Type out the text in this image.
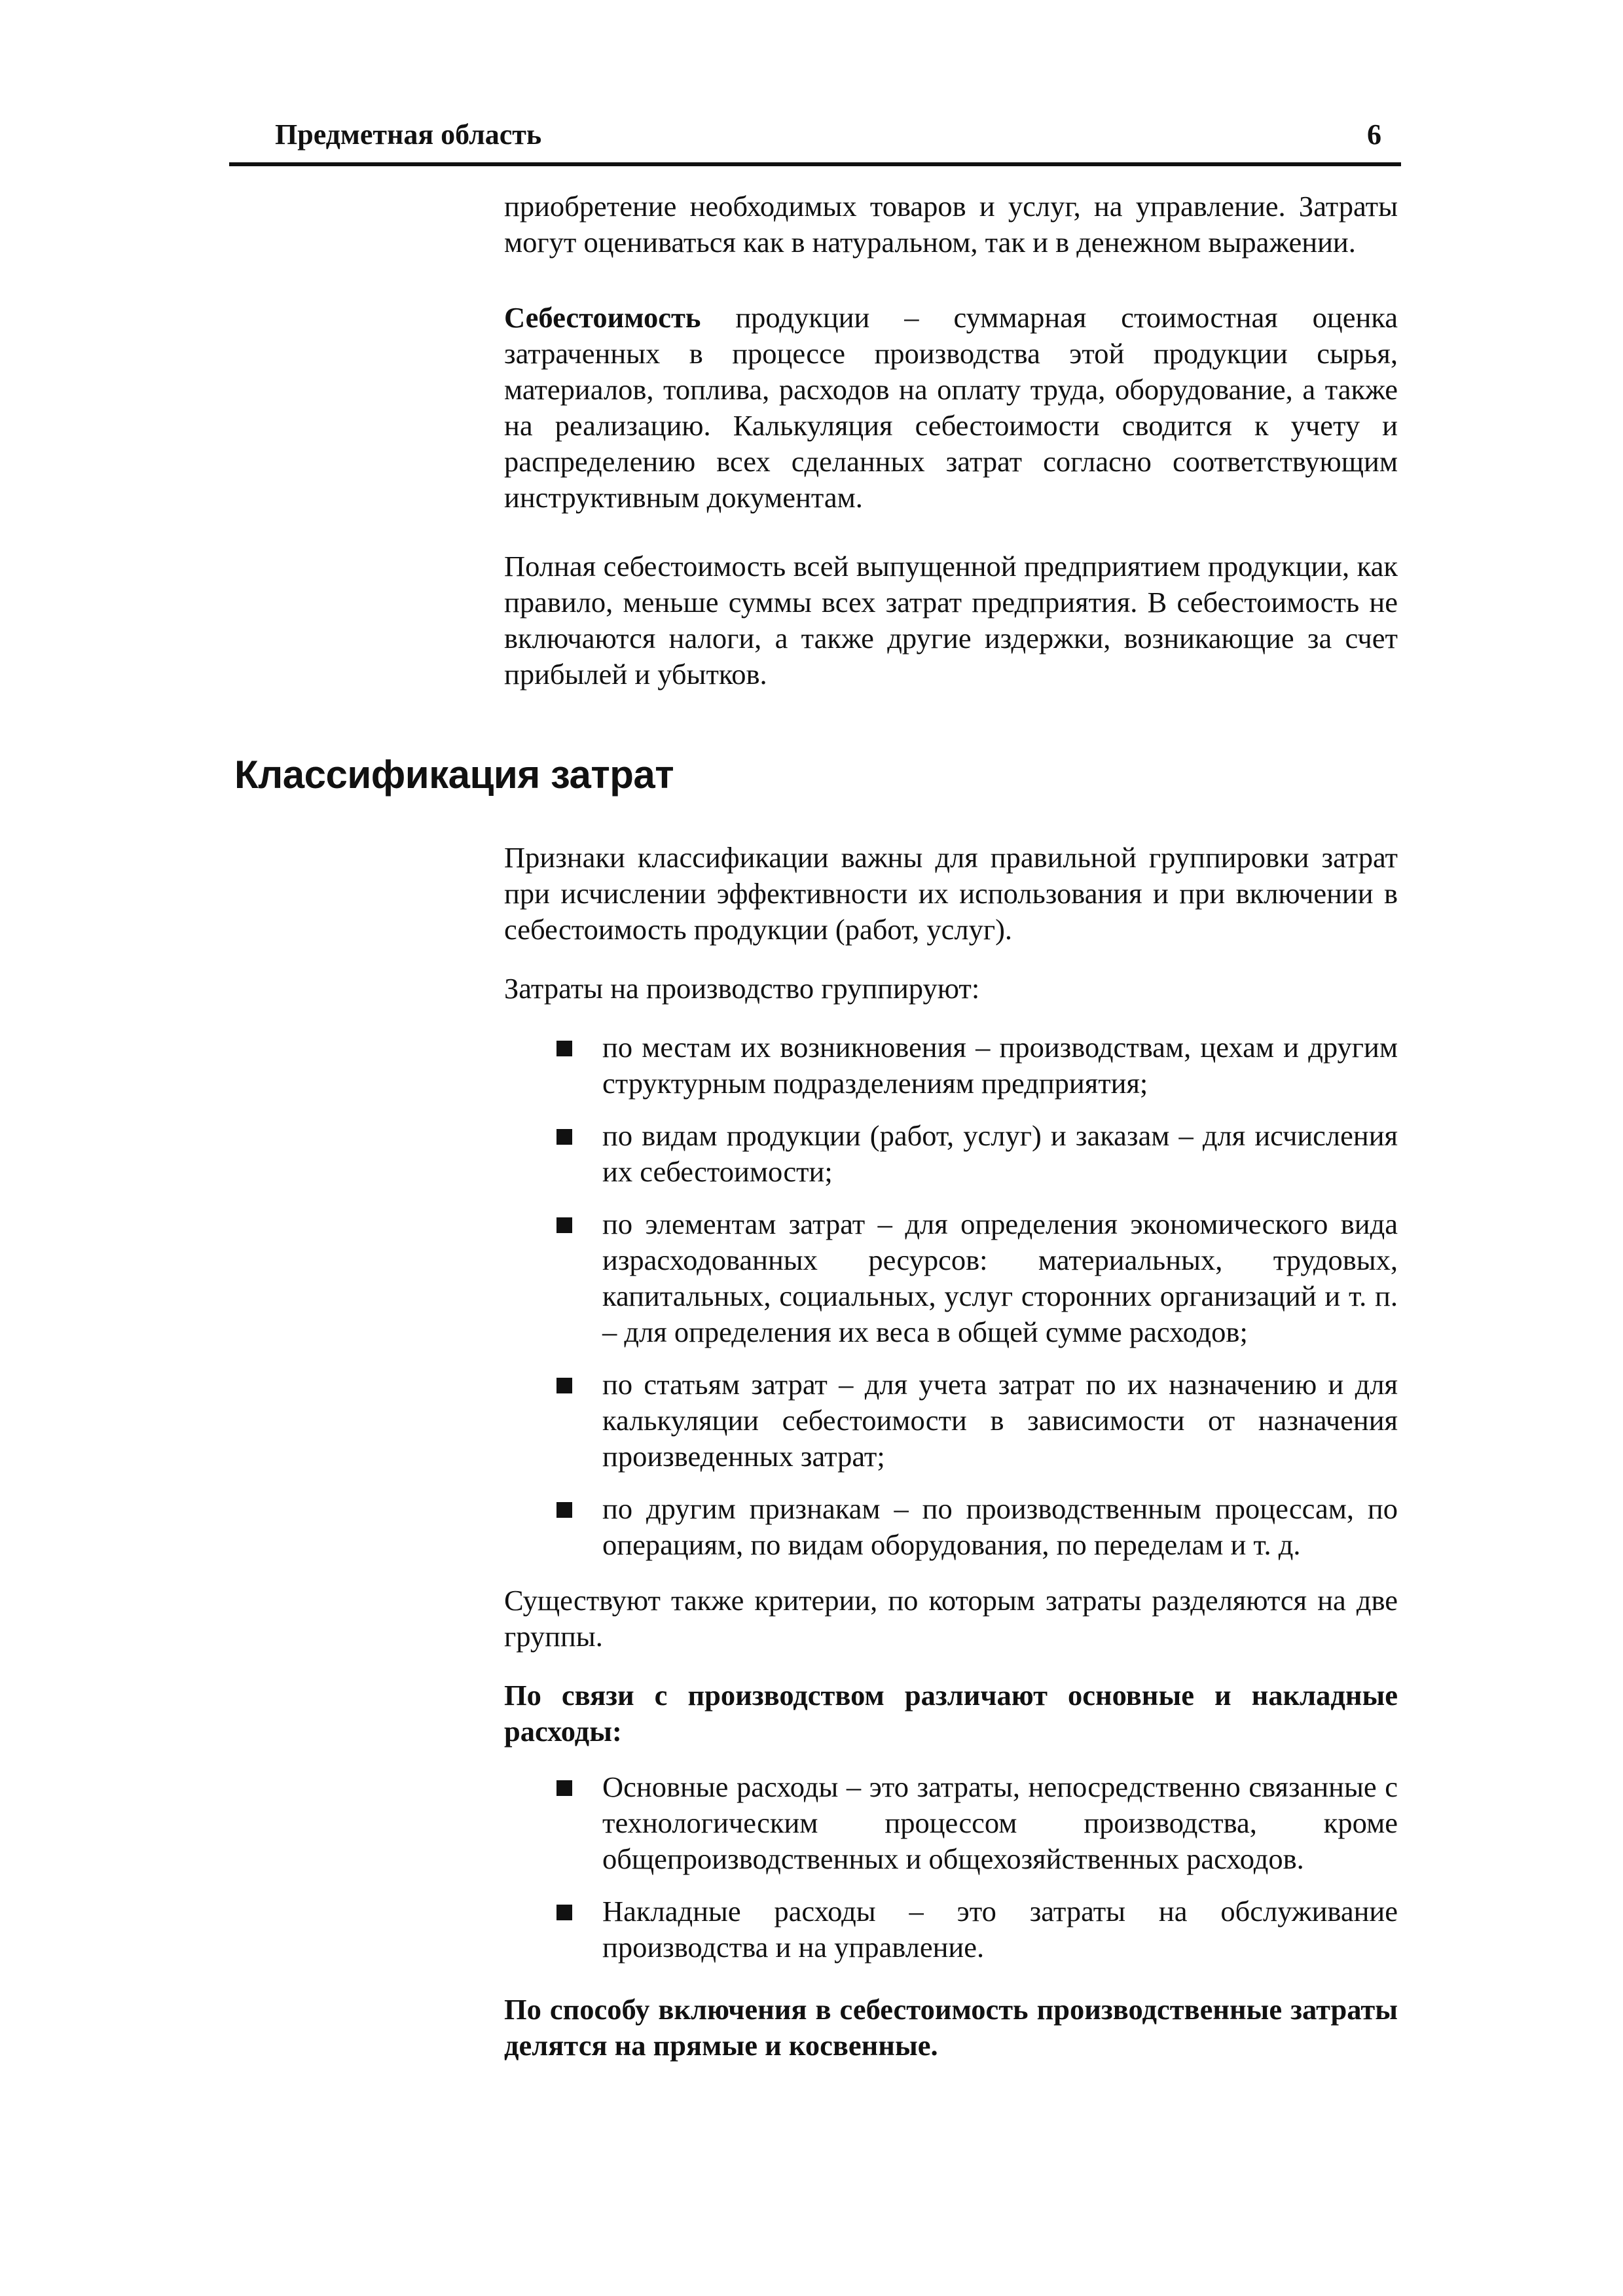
Предметная область	6

приобретение необходимых товаров и услуг, на управление. Затраты могут оцениваться как в натуральном, так и в денежном выражении.

Себестоимость продукции – суммарная стоимостная оценка затраченных в процессе производства этой продукции сырья, материалов, топлива, расходов на оплату труда, оборудование, а также на реализацию. Калькуляция себестоимости сводится к учету и распределению всех сделанных затрат согласно соответствующим инструктивным документам.

Полная себестоимость всей выпущенной предприятием продукции, как правило, меньше суммы всех затрат предприятия. В себестоимость не включаются налоги, а также другие издержки, возникающие за счет прибылей и убытков.

Классификация затрат

Признаки классификации важны для правильной группировки затрат при исчислении эффективности их использования и при включении в себестоимость продукции (работ, услуг).

Затраты на производство группируют:

по местам их возникновения – производствам, цехам и другим структурным подразделениям предприятия;
по видам продукции (работ, услуг) и заказам – для исчисления их себестоимости;
по элементам затрат – для определения экономического вида израсходованных ресурсов: материальных, трудовых, капитальных, социальных, услуг сторонних организаций и т. п. – для определения их веса в общей сумме расходов;
по статьям затрат – для учета затрат по их назначению и для калькуляции себестоимости в зависимости от назначения произведенных затрат;
по другим признакам – по производственным процессам, по операциям, по видам оборудования, по переделам и т. д.

Существуют также критерии, по которым затраты разделяются на две группы.

По связи с производством различают основные и накладные расходы:

Основные расходы – это затраты, непосредственно связанные с технологическим процессом производства, кроме общепроизводственных и общехозяйственных расходов.
Накладные расходы – это затраты на обслуживание производства и на управление.

По способу включения в себестоимость производственные затраты делятся на прямые и косвенные.
